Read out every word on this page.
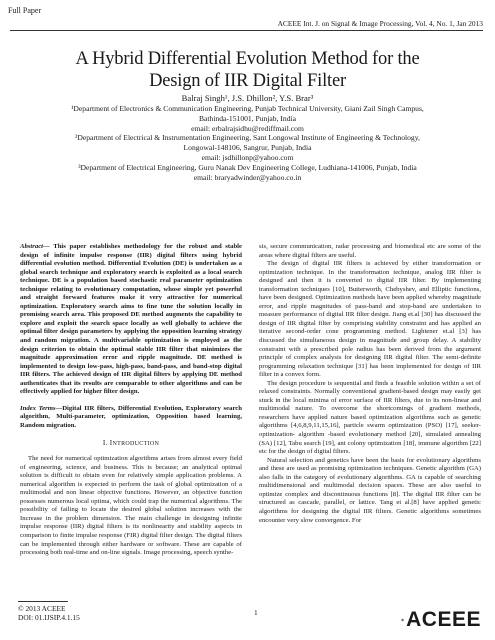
Full Paper
ACEEE Int. J. on Signal & Image Processing, Vol. 4, No. 1, Jan 2013
A Hybrid Differential Evolution Method for the
Design of IIR Digital Filter
Balraj Singh¹, J.S. Dhillon², Y.S. Brar³
¹Department of Electronics & Communication Engineering, Punjab Technical University, Giani Zail Singh Campus,
Bathinda-151001, Punjab, India
email: erbalrajsidhu@rediffmail.com
²Department of Electrical & Instrumentation Engineering, Sant Longowal Institute of Engineering & Technology,
Longowal-148106, Sangrur, Punjab, India
email: jsdhillonp@yahoo.com
³Department of Electrical Engineering, Guru Nanak Dev Engineering College, Ludhiana-141006, Punjab, India
email: braryadwinder@yahoo.co.in

Abstract— This paper establishes methodology for the robust and stable design of infinite impulse response (IIR) digital filters using hybrid differential evolution method. Differential Evolution (DE) is undertaken as a global search technique and exploratory search is exploited as a local search technique. DE is a population based stochastic real parameter optimization technique relating to evolutionary computation, whose simple yet powerful and straight forward features make it very attractive for numerical optimization. Exploratory search aims to fine tune the solution locally in promising search area. This proposed DE method augments the capability to explore and exploit the search space locally as well globally to achieve the optimal filter design parameters by applying the opposition learning strategy and random migration. A multivariable optimization is employed as the design criterion to obtain the optimal stable IIR filter that minimizes the magnitude approximation error and ripple magnitude. DE method is implemented to design low-pass, high-pass, band-pass, and band-stop digital IIR filters. The achieved design of IIR digital filters by applying DE method authenticates that its results are comparable to other algorithms and can be effectively applied for higher filter design.

Index Terms—Digital IIR filters, Differential Evolution, Exploratory search algorithm, Multi-parameter, optimization, Opposition based learning, Random migration.

I. INTRODUCTION

The need for numerical optimization algorithms arises from almost every field of engineering, science, and business. This is because; an analytical optimal solution is difficult to obtain even for relatively simple application problems. A numerical algorithm is expected to perform the task of global optimization of a multimodal and non linear objective functions. However, an objective function possesses numerous local optima, which could trap the numerical algorithms. The possibility of failing to locate the desired global solution increases with the Increase in the problem dimension. The main challenge in designing infinite impulse response (IIR) digital filters is its nonlinearity and stability aspects in comparison to finite impulse response (FIR) digital filter design. The digital filters can be implemented through either hardware or software. These are capable of processing both real-time and on-line signals. Image processing, speech synthe-

sis, secure communication, radar processing and biomedical etc are some of the areas where digital filters are useful.

The design of digital IIR filters is achieved by either transformation or optimization technique. In the transformation technique, analog IIR filter is designed and then it is converted to digital IIR filter. By implementing transformation techniques [10], Butterworth, Chebyshev, and Elliptic functions, have been designed. Optimization methods have been applied whereby magnitude error, and ripple magnitudes of pass-band and stop-band are undertaken to measure performance of digital IIR filter design. Jiang et.al [30] has discussed the design of IIR digital filter by comprising stability constraint and has applied an iterative second-order cone programming method. Lightener et.al [3] has discussed the simultaneous design in magnitude and group delay. A stability constraint with a prescribed pole radius has been derived from the argument principle of complex analysis for designing IIR digital filter. The semi-definite programming relaxation technique [31] has been implemented for design of IIR filter in a convex form.

The design procedure is sequential and finds a feasible solution within a set of relaxed constraints. Normally conventional gradient-based design may easily get stuck in the local minima of error surface of IIR filters, due to its non-linear and multimodal nature. To overcome the shortcomings of gradient methods, researchers have applied nature based optimization algorithms such as genetic algorithms [4,6,8,9,11,15,16], particle swarm optimization (PSO) [17], seeker- optimization- algorithm -based evolutionary method [20], simulated annealing (SA) [12], Tabu search [19], ant colony optimization [18], immune algorithm [22] etc for the design of digital filters.

Natural selection and genetics have been the basis for evolutionary algorithms and these are used as promising optimization techniques. Genetic algorithm (GA) also falls in the category of evolutionary algorithms. GA is capable of searching multidimensional and multimodal decision spaces. These are also useful to optimize complex and discontinuous functions [8]. The digital IIR filter can be structured as cascade, parallel, or lattice. Tang et al.[8] have applied genetic algorithms for designing the digital IIR filters. Genetic algorithms sometimes encounter very slow convergence. For

© 2013 ACEEE
DOI: 01.IJSIP.4.1.15
1	ACEEE
